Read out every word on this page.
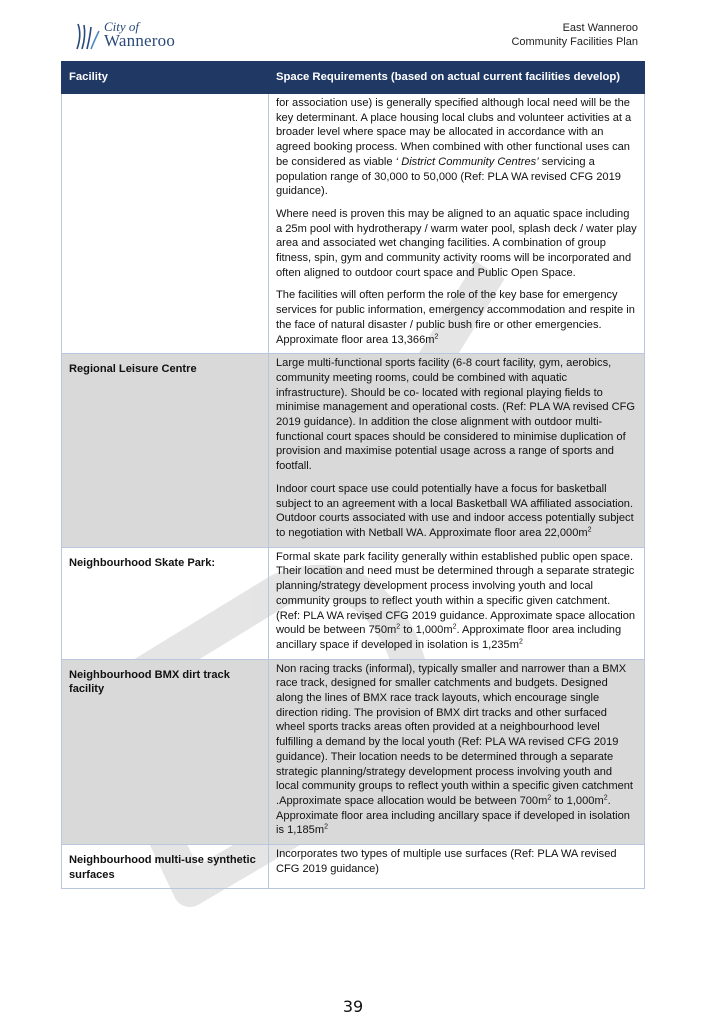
City of
Wanneroo
East Wanneroo
Community Facilities Plan
Facility	Space Requirements (based on actual current facilities develop)

	for association use) is generally specified although local need will be the key determinant. A place housing local clubs and volunteer activities at a broader level where space may be allocated in accordance with an agreed booking process. When combined with other functional uses can be considered as viable ‘ District Community Centres’ servicing a population range of 30,000 to 50,000 (Ref: PLA WA revised CFG 2019 guidance).

Where need is proven this may be aligned to an aquatic space including a 25m pool with hydrotherapy / warm water pool, splash deck / water play area and associated wet changing facilities. A combination of group fitness, spin, gym and community activity rooms will be incorporated and often aligned to outdoor court space and Public Open Space.

The facilities will often perform the role of the key base for emergency services for public information, emergency accommodation and respite in the face of natural disaster / public bush fire or other emergencies. Approximate floor area $13,366m^2$

Regional Leisure Centre	Large multi-functional sports facility (6-8 court facility, gym, aerobics, community meeting rooms, could be combined with aquatic infrastructure). Should be co- located with regional playing fields to minimise management and operational costs. (Ref: PLA WA revised CFG 2019 guidance). In addition the close alignment with outdoor multi-functional court spaces should be considered to minimise duplication of provision and maximise potential usage across a range of sports and footfall.

Indoor court space use could potentially have a focus for basketball subject to an agreement with a local Basketball WA affiliated association. Outdoor courts associated with use and indoor access potentially subject to negotiation with Netball WA. Approximate floor area $22,000m^2$

Neighbourhood Skate Park:	Formal skate park facility generally within established public open space. Their location and need must be determined through a separate strategic planning/strategy development process involving youth and local community groups to reflect youth within a specific given catchment. (Ref: PLA WA revised CFG 2019 guidance. Approximate space allocation would be between $750m^2$ to $1,000m^2$. Approximate floor area including ancillary space if developed in isolation is $1,235m^2$

Neighbourhood BMX dirt track facility	Non racing tracks (informal), typically smaller and narrower than a BMX race track, designed for smaller catchments and budgets. Designed along the lines of BMX race track layouts, which encourage single direction riding. The provision of BMX dirt tracks and other surfaced wheel sports tracks areas often provided at a neighbourhood level fulfilling a demand by the local youth (Ref: PLA WA revised CFG 2019 guidance). Their location needs to be determined through a separate strategic planning/strategy development process involving youth and local community groups to reflect youth within a specific given catchment .Approximate space allocation would be between $700m^2$ to $1,000m^2$. Approximate floor area including ancillary space if developed in isolation is $1,185m^2$

Neighbourhood multi-use synthetic surfaces	Incorporates two types of multiple use surfaces (Ref: PLA WA revised CFG 2019 guidance)

39
